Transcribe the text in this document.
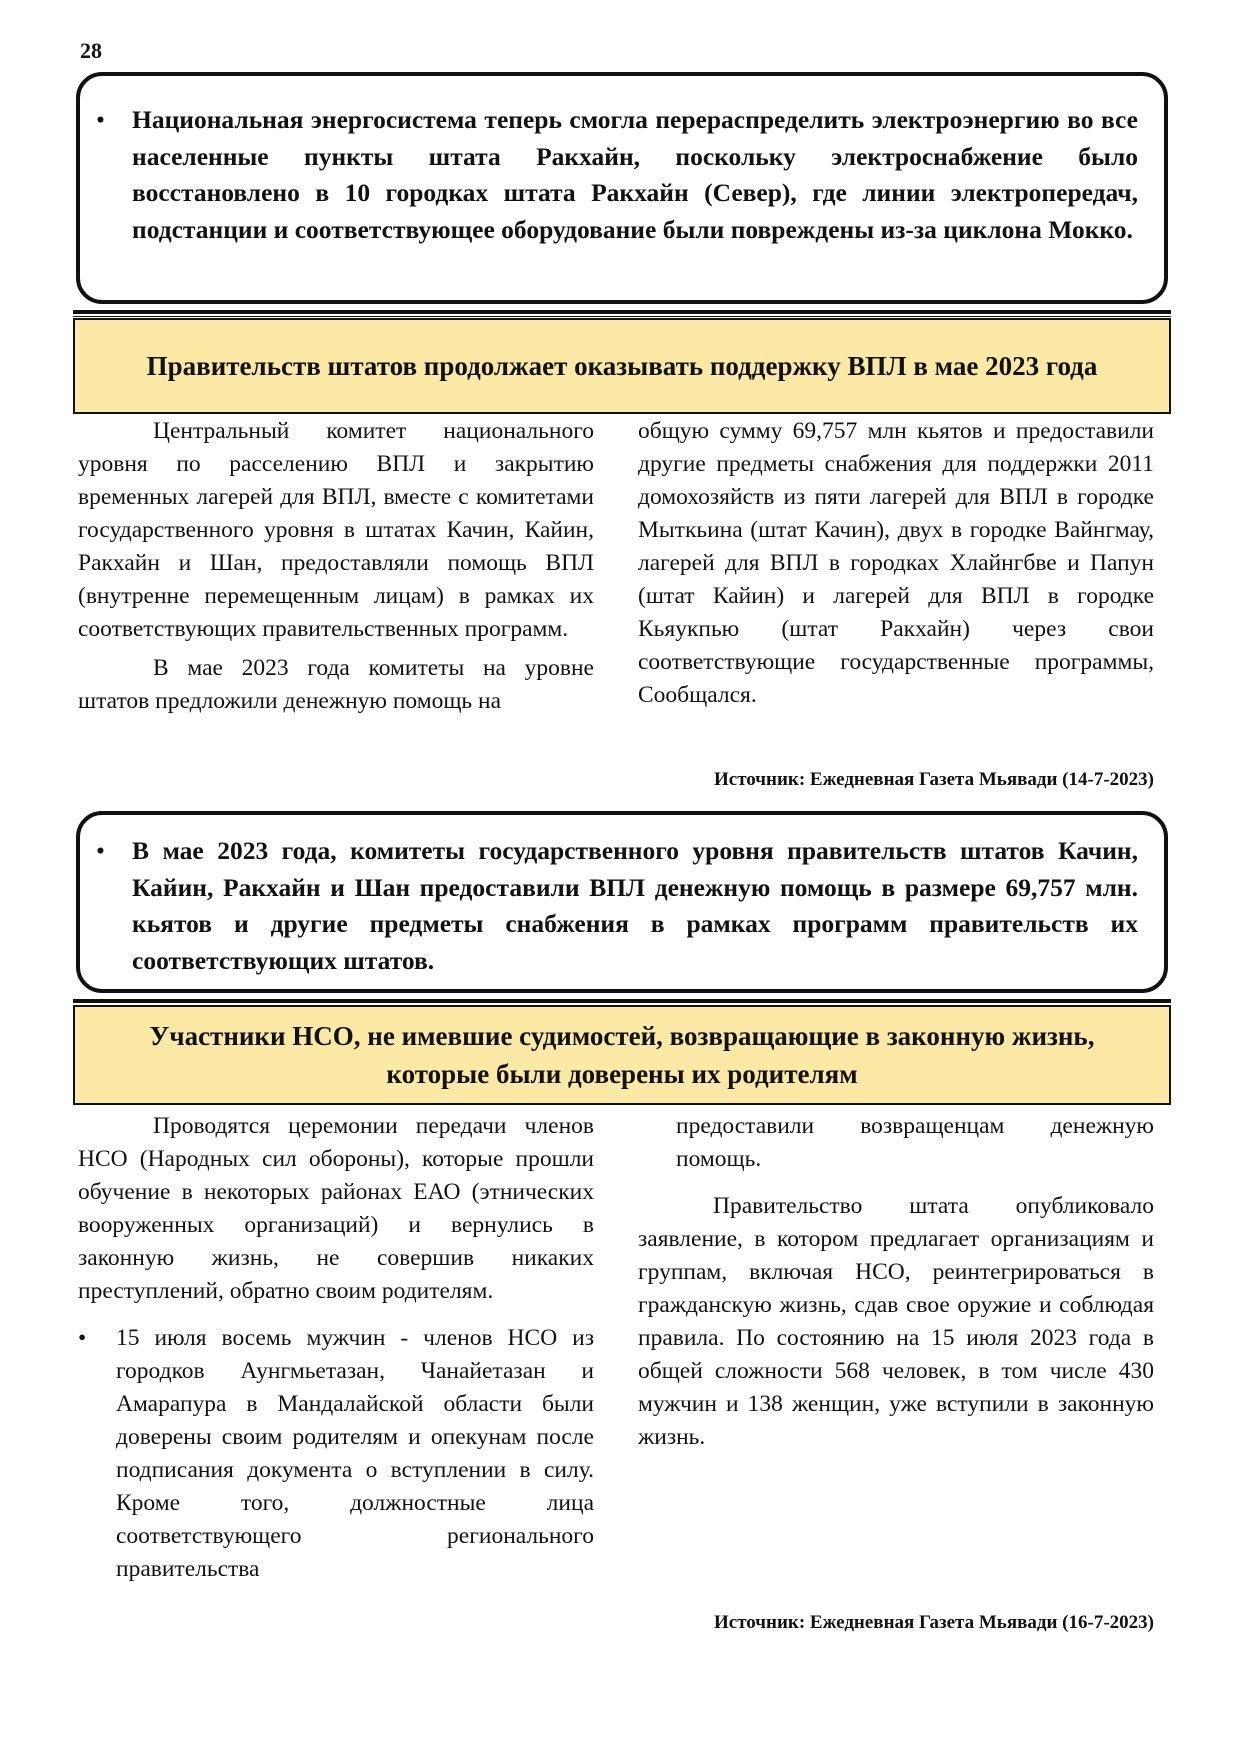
28

• Национальная энергосистема теперь смогла перераспределить электроэнергию во все населенные пункты штата Ракхайн, поскольку электроснабжение было восстановлено в 10 городках штата Ракхайн (Север), где линии электропередач, подстанции и соответствующее оборудование были повреждены из-за циклона Мокко.

Правительств штатов продолжает оказывать поддержку ВПЛ в мае 2023 года

Центральный комитет национального уровня по расселению ВПЛ и закрытию временных лагерей для ВПЛ, вместе с комитетами государственного уровня в штатах Качин, Кайин, Ракхайн и Шан, предоставляли помощь ВПЛ (внутренне перемещенным лицам) в рамках их соответствующих правительственных программ.

В мае 2023 года комитеты на уровне штатов предложили денежную помощь на

общую сумму 69,757 млн кьятов и предоставили другие предметы снабжения для поддержки 2011 домохозяйств из пяти лагерей для ВПЛ в городке Мыткьина (штат Качин), двух в городке Вайнгмау, лагерей для ВПЛ в городках Хлайнгбве и Папун (штат Кайин) и лагерей для ВПЛ в городке Кьяукпью (штат Ракхайн) через свои соответствующие государственные программы, Сообщался.

Источник: Ежедневная Газета Мьявади (14-7-2023)

• В мае 2023 года, комитеты государственного уровня правительств штатов Качин, Кайин, Ракхайн и Шан предоставили ВПЛ денежную помощь в размере 69,757 млн. кьятов и другие предметы снабжения в рамках программ правительств их соответствующих штатов.

Участники НСО, не имевшие судимостей, возвращающие в законную жизнь, которые были доверены их родителям

Проводятся церемонии передачи членов НСО (Народных сил обороны), которые прошли обучение в некоторых районах ЕАО (этнических вооруженных организаций) и вернулись в законную жизнь, не совершив никаких преступлений, обратно своим родителям.

• 15 июля восемь мужчин - членов НСО из городков Аунгмьетазан, Чанайетазан и Амарапура в Мандалайской области были доверены своим родителям и опекунам после подписания документа о вступлении в силу. Кроме того, должностные лица соответствующего регионального правительства

предоставили возвращенцам денежную помощь.

Правительство штата опубликовало заявление, в котором предлагает организациям и группам, включая НСО, реинтегрироваться в гражданскую жизнь, сдав свое оружие и соблюдая правила. По состоянию на 15 июля 2023 года в общей сложности 568 человек, в том числе 430 мужчин и 138 женщин, уже вступили в законную жизнь.

Источник: Ежедневная Газета Мьявади (16-7-2023)
